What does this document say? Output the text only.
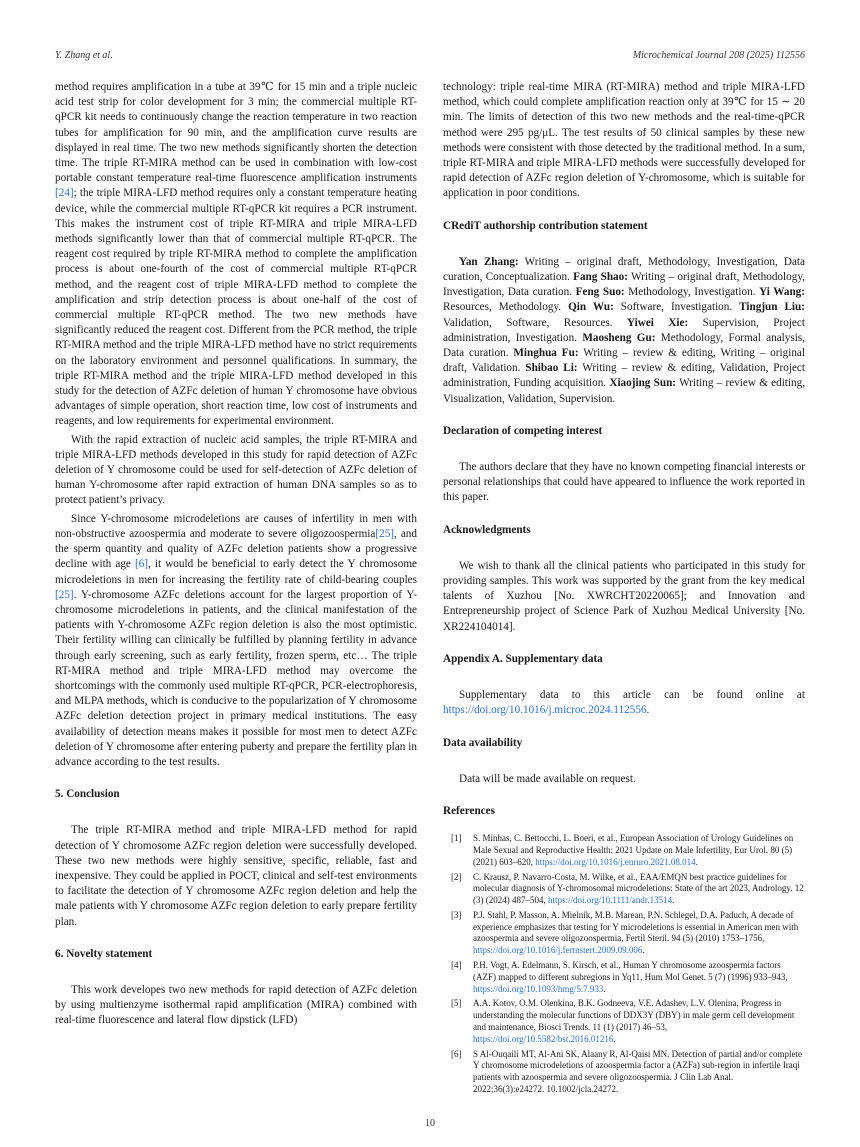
Y. Zhang et al.	Microchemical Journal 208 (2025) 112556

method requires amplification in a tube at 39℃ for 15 min and a triple nucleic acid test strip for color development for 3 min; the commercial multiple RT-qPCR kit needs to continuously change the reaction temperature in two reaction tubes for amplification for 90 min, and the amplification curve results are displayed in real time. The two new methods significantly shorten the detection time. The triple RT-MIRA method can be used in combination with low-cost portable constant temperature real-time fluorescence amplification instruments [24]; the triple MIRA-LFD method requires only a constant temperature heating device, while the commercial multiple RT-qPCR kit requires a PCR instrument. This makes the instrument cost of triple RT-MIRA and triple MIRA-LFD methods significantly lower than that of commercial multiple RT-qPCR. The reagent cost required by triple RT-MIRA method to complete the amplification process is about one-fourth of the cost of commercial multiple RT-qPCR method, and the reagent cost of triple MIRA-LFD method to complete the amplification and strip detection process is about one-half of the cost of commercial multiple RT-qPCR method. The two new methods have significantly reduced the reagent cost. Different from the PCR method, the triple RT-MIRA method and the triple MIRA-LFD method have no strict requirements on the laboratory environment and personnel qualifications. In summary, the triple RT-MIRA method and the triple MIRA-LFD method developed in this study for the detection of AZFc deletion of human Y chromosome have obvious advantages of simple operation, short reaction time, low cost of instruments and reagents, and low requirements for experimental environment.

With the rapid extraction of nucleic acid samples, the triple RT-MIRA and triple MIRA-LFD methods developed in this study for rapid detection of AZFc deletion of Y chromosome could be used for self-detection of AZFc deletion of human Y-chromosome after rapid extraction of human DNA samples so as to protect patient’s privacy.

Since Y-chromosome microdeletions are causes of infertility in men with non-obstructive azoospermia and moderate to severe oligozoospermia[25], and the sperm quantity and quality of AZFc deletion patients show a progressive decline with age [6], it would be beneficial to early detect the Y chromosome microdeletions in men for increasing the fertility rate of child-bearing couples [25]. Y-chromosome AZFc deletions account for the largest proportion of Y-chromosome microdeletions in patients, and the clinical manifestation of the patients with Y-chromosome AZFc region deletion is also the most optimistic. Their fertility willing can clinically be fulfilled by planning fertility in advance through early screening, such as early fertility, frozen sperm, etc… The triple RT-MIRA method and triple MIRA-LFD method may overcome the shortcomings with the commonly used multiple RT-qPCR, PCR-electrophoresis, and MLPA methods, which is conducive to the popularization of Y chromosome AZFc deletion detection project in primary medical institutions. The easy availability of detection means makes it possible for most men to detect AZFc deletion of Y chromosome after entering puberty and prepare the fertility plan in advance according to the test results.

5. Conclusion

The triple RT-MIRA method and triple MIRA-LFD method for rapid detection of Y chromosome AZFc region deletion were successfully developed. These two new methods were highly sensitive, specific, reliable, fast and inexpensive. They could be applied in POCT, clinical and self-test environments to facilitate the detection of Y chromosome AZFc region deletion and help the male patients with Y chromosome AZFc region deletion to early prepare fertility plan.

6. Novelty statement

This work developes two new methods for rapid detection of AZFc deletion by using multienzyme isothermal rapid amplification (MIRA) combined with real-time fluorescence and lateral flow dipstick (LFD)

technology: triple real-time MIRA (RT-MIRA) method and triple MIRA-LFD method, which could complete amplification reaction only at 39℃ for 15 ∼ 20 min. The limits of detection of this two new methods and the real-time-qPCR method were 295 pg/μL. The test results of 50 clinical samples by these new methods were consistent with those detected by the traditional method. In a sum, triple RT-MIRA and triple MIRA-LFD methods were successfully developed for rapid detection of AZFc region deletion of Y-chromosome, which is suitable for application in poor conditions.

CRediT authorship contribution statement

Yan Zhang: Writing – original draft, Methodology, Investigation, Data curation, Conceptualization. Fang Shao: Writing – original draft, Methodology, Investigation, Data curation. Feng Suo: Methodology, Investigation. Yi Wang: Resources, Methodology. Qin Wu: Software, Investigation. Tingjun Liu: Validation, Software, Resources. Yiwei Xie: Supervision, Project administration, Investigation. Maosheng Gu: Methodology, Formal analysis, Data curation. Minghua Fu: Writing – review & editing, Writing – original draft, Validation. Shibao Li: Writing – review & editing, Validation, Project administration, Funding acquisition. Xiaojing Sun: Writing – review & editing, Visualization, Validation, Supervision.

Declaration of competing interest

The authors declare that they have no known competing financial interests or personal relationships that could have appeared to influence the work reported in this paper.

Acknowledgments

We wish to thank all the clinical patients who participated in this study for providing samples. This work was supported by the grant from the key medical talents of Xuzhou [No. XWRCHT20220065]; and Innovation and Entrepreneurship project of Science Park of Xuzhou Medical University [No. XR224104014].

Appendix A. Supplementary data

Supplementary data to this article can be found online at https://doi.org/10.1016/j.microc.2024.112556.

Data availability

Data will be made available on request.

References
[1] S. Minhas, C. Bettocchi, L. Boeri, et al., European Association of Urology Guidelines on Male Sexual and Reproductive Health: 2021 Update on Male Infertility, Eur Urol. 80 (5) (2021) 603–620, https://doi.org/10.1016/j.eururo.2021.08.014.
[2] C. Krausz, P. Navarro-Costa, M. Wilke, et al., EAA/EMQN best practice guidelines for molecular diagnosis of Y-chromosomal microdeletions: State of the art 2023, Andrology. 12 (3) (2024) 487–504, https://doi.org/10.1111/andr.13514.
[3] P.J. Stahl, P. Masson, A. Mielnik, M.B. Marean, P.N. Schlegel, D.A. Paduch, A decade of experience emphasizes that testing for Y microdeletions is essential in American men with azoospermia and severe oligozoospermia, Fertil Steril. 94 (5) (2010) 1753–1756, https://doi.org/10.1016/j.fertnstert.2009.09.006.
[4] P.H. Vogt, A. Edelmann, S. Kirsch, et al., Human Y chromosome azoospermia factors (AZF) mapped to different subregions in Yq11, Hum Mol Genet. 5 (7) (1996) 933–943, https://doi.org/10.1093/hmg/5.7.933.
[5] A.A. Kotov, O.M. Olenkina, B.K. Godneeva, V.E. Adashev, L.V. Olenina, Progress in understanding the molecular functions of DDX3Y (DBY) in male germ cell development and maintenance, Biosci Trends. 11 (1) (2017) 46–53, https://doi.org/10.5582/bst.2016.01216.
[6] S Al-Ouqaili MT, Al-Ani SK, Alaany R, Al-Qaisi MN. Detection of partial and/or complete Y chromosome microdeletions of azoospermia factor a (AZFa) sub-region in infertile Iraqi patients with azoospermia and severe oligozoospermia. J Clin Lab Anal. 2022;36(3):e24272. 10.1002/jcla.24272.
10
